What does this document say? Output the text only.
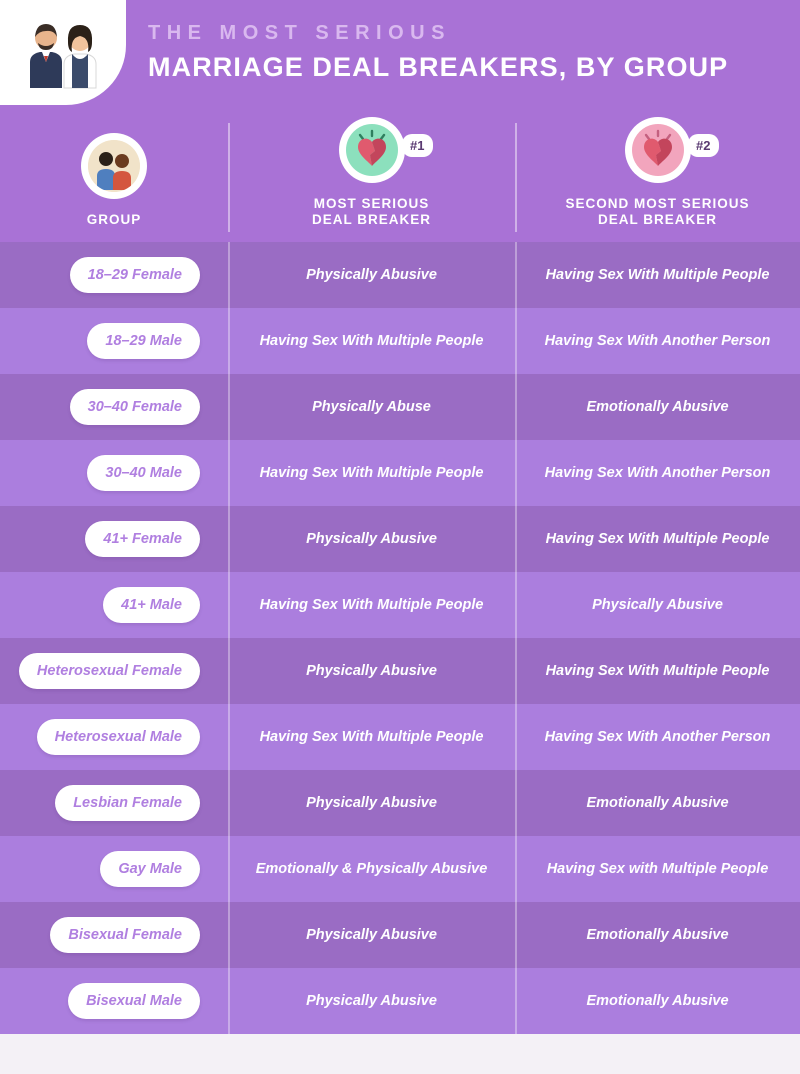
THE MOST SERIOUS
MARRIAGE DEAL BREAKERS, BY GROUP
GROUP
#1
MOST SERIOUS
DEAL BREAKER
#2
SECOND MOST SERIOUS
DEAL BREAKER
18–29 Female	Physically Abusive	Having Sex With Multiple People
18–29 Male	Having Sex With Multiple People	Having Sex With Another Person
30–40 Female	Physically Abuse	Emotionally Abusive
30–40 Male	Having Sex With Multiple People	Having Sex With Another Person
41+ Female	Physically Abusive	Having Sex With Multiple People
41+ Male	Having Sex With Multiple People	Physically Abusive
Heterosexual Female	Physically Abusive	Having Sex With Multiple People
Heterosexual Male	Having Sex With Multiple People	Having Sex With Another Person
Lesbian Female	Physically Abusive	Emotionally Abusive
Gay Male	Emotionally & Physically Abusive	Having Sex with Multiple People
Bisexual Female	Physically Abusive	Emotionally Abusive
Bisexual Male	Physically Abusive	Emotionally Abusive
